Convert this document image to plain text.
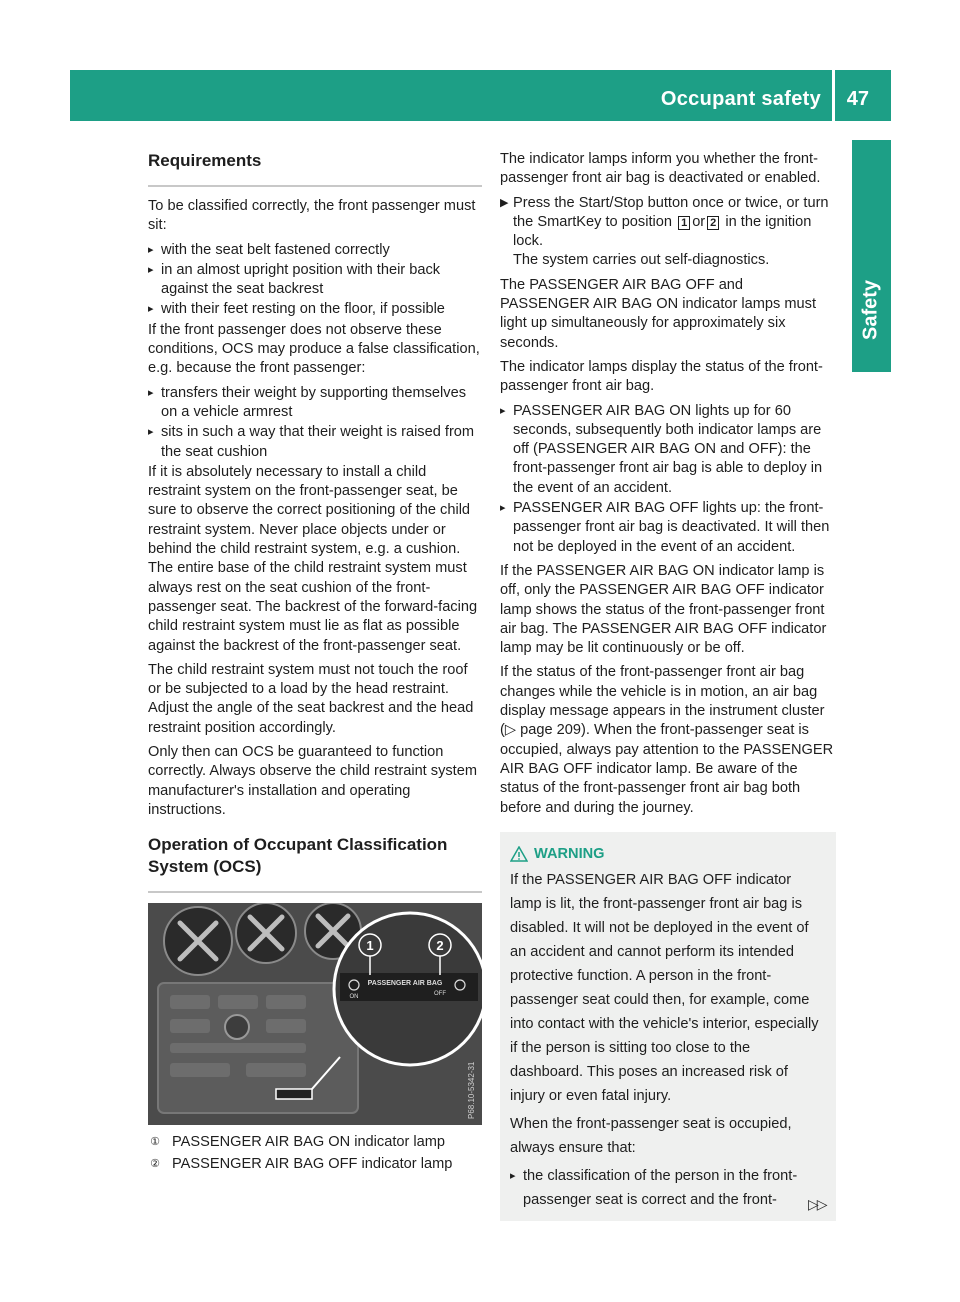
Occupant safety 47
Safety
Requirements

To be classified correctly, the front passenger must sit:

▸ with the seat belt fastened correctly
▸ in an almost upright position with their back against the seat backrest
▸ with their feet resting on the floor, if possible

If the front passenger does not observe these conditions, OCS may produce a false classification, e.g. because the front passenger:

▸ transfers their weight by supporting themselves on a vehicle armrest
▸ sits in such a way that their weight is raised from the seat cushion

If it is absolutely necessary to install a child restraint system on the front-passenger seat, be sure to observe the correct positioning of the child restraint system. Never place objects under or behind the child restraint system, e.g. a cushion. The entire base of the child restraint system must always rest on the seat cushion of the front-passenger seat. The backrest of the forward-facing child restraint system must lie as flat as possible against the backrest of the front-passenger seat.

The child restraint system must not touch the roof or be subjected to a load by the head restraint. Adjust the angle of the seat backrest and the head restraint position accordingly.

Only then can OCS be guaranteed to function correctly. Always observe the child restraint system manufacturer's installation and operating instructions.

Operation of Occupant Classification System (OCS)
1	2
ON
PASSENGER AIR BAG
OFF
P68.10-5342-31
① PASSENGER AIR BAG ON indicator lamp
② PASSENGER AIR BAG OFF indicator lamp

The indicator lamps inform you whether the front-passenger front air bag is deactivated or enabled.

▶ Press the Start/Stop button once or twice, or turn the SmartKey to position 1 or 2 in the ignition lock.
The system carries out self-diagnostics.

The PASSENGER AIR BAG OFF and PASSENGER AIR BAG ON indicator lamps must light up simultaneously for approximately six seconds.

The indicator lamps display the status of the front-passenger front air bag.

▸ PASSENGER AIR BAG ON lights up for 60 seconds, subsequently both indicator lamps are off (PASSENGER AIR BAG ON and OFF): the front-passenger front air bag is able to deploy in the event of an accident.
▸ PASSENGER AIR BAG OFF lights up: the front-passenger front air bag is deactivated. It will then not be deployed in the event of an accident.

If the PASSENGER AIR BAG ON indicator lamp is off, only the PASSENGER AIR BAG OFF indicator lamp shows the status of the front-passenger front air bag. The PASSENGER AIR BAG OFF indicator lamp may be lit continuously or be off.

If the status of the front-passenger front air bag changes while the vehicle is in motion, an air bag display message appears in the instrument cluster (▷ page 209). When the front-passenger seat is occupied, always pay attention to the PASSENGER AIR BAG OFF indicator lamp. Be aware of the status of the front-passenger front air bag both before and during the journey.

WARNING

If the PASSENGER AIR BAG OFF indicator lamp is lit, the front-passenger front air bag is disabled. It will not be deployed in the event of an accident and cannot perform its intended protective function. A person in the front-passenger seat could then, for example, come into contact with the vehicle's interior, especially if the person is sitting too close to the dashboard. This poses an increased risk of injury or even fatal injury.

When the front-passenger seat is occupied, always ensure that:

▸ the classification of the person in the front-passenger seat is correct and the front-	▷▷
